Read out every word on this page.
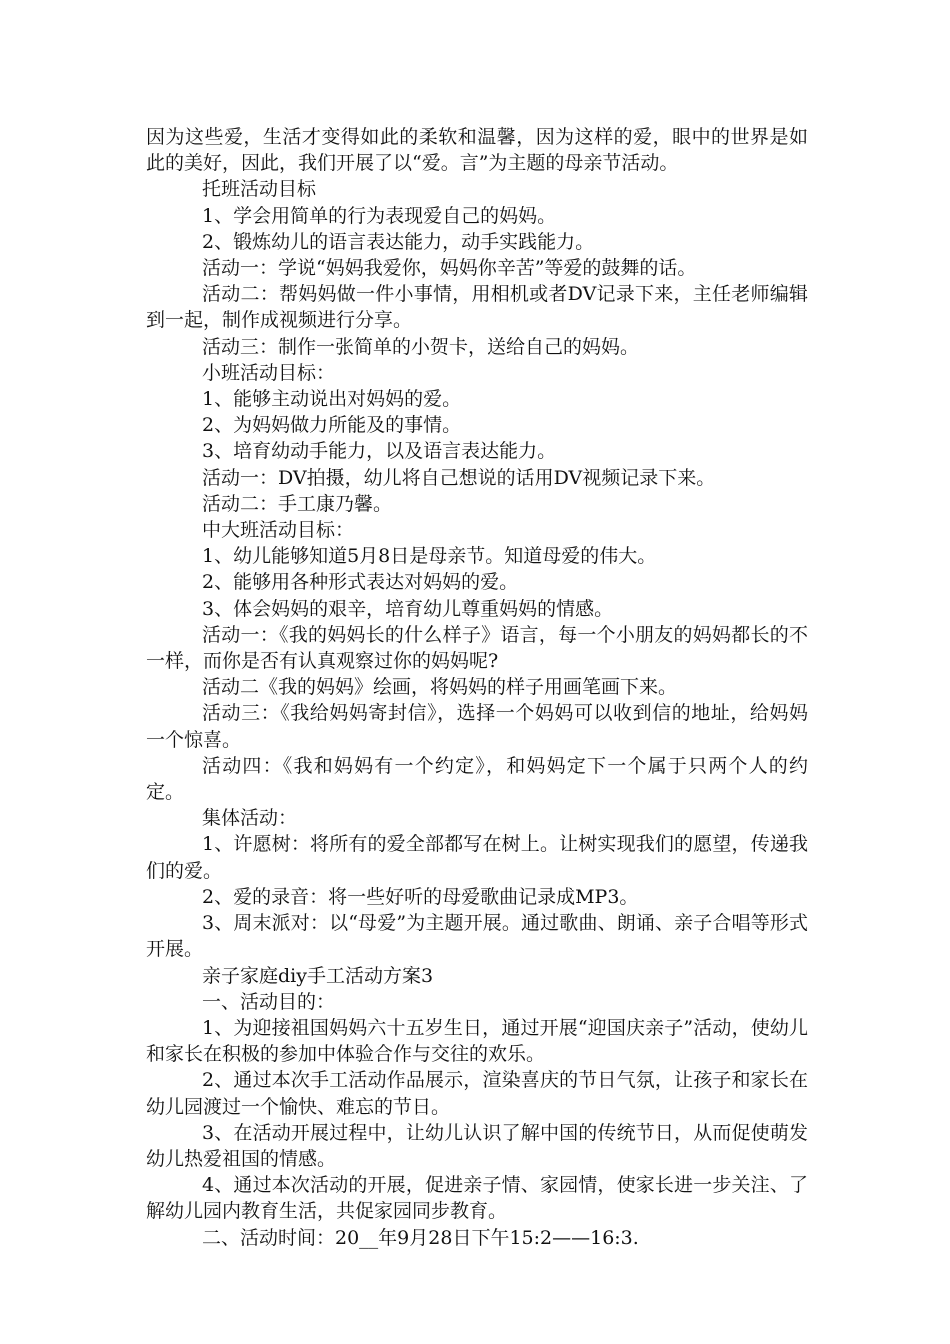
因为这些爱，生活才变得如此的柔软和温馨，因为这样的爱，眼中的世界是如此的美好，因此，我们开展了以“爱。言”为主题的母亲节活动。

托班活动目标

1、学会用简单的行为表现爱自己的妈妈。

2、锻炼幼儿的语言表达能力，动手实践能力。

活动一：学说“妈妈我爱你，妈妈你辛苦”等爱的鼓舞的话。

活动二：帮妈妈做一件小事情，用相机或者DV记录下来，主任老师编辑到一起，制作成视频进行分享。

活动三：制作一张简单的小贺卡，送给自己的妈妈。

小班活动目标：

1、能够主动说出对妈妈的爱。

2、为妈妈做力所能及的事情。

3、培育幼动手能力，以及语言表达能力。

活动一：DV拍摄，幼儿将自己想说的话用DV视频记录下来。

活动二：手工康乃馨。

中大班活动目标：

1、幼儿能够知道5月8日是母亲节。知道母爱的伟大。

2、能够用各种形式表达对妈妈的爱。

3、体会妈妈的艰辛，培育幼儿尊重妈妈的情感。

活动一：《我的妈妈长的什么样子》语言，每一个小朋友的妈妈都长的不一样，而你是否有认真观察过你的妈妈呢?

活动二《我的妈妈》绘画，将妈妈的样子用画笔画下来。

活动三：《我给妈妈寄封信》，选择一个妈妈可以收到信的地址，给妈妈一个惊喜。

活动四：《我和妈妈有一个约定》，和妈妈定下一个属于只两个人的约定。

集体活动：

1、许愿树：将所有的爱全部都写在树上。让树实现我们的愿望，传递我们的爱。

2、爱的录音：将一些好听的母爱歌曲记录成MP3。

3、周末派对：以“母爱”为主题开展。通过歌曲、朗诵、亲子合唱等形式开展。

亲子家庭diy手工活动方案3

一、活动目的：

1、为迎接祖国妈妈六十五岁生日，通过开展“迎国庆亲子”活动，使幼儿和家长在积极的参加中体验合作与交往的欢乐。

2、通过本次手工活动作品展示，渲染喜庆的节日气氛，让孩子和家长在幼儿园渡过一个愉快、难忘的节日。

3、在活动开展过程中，让幼儿认识了解中国的传统节日，从而促使萌发幼儿热爱祖国的情感。

4、通过本次活动的开展，促进亲子情、家园情，使家长进一步关注、了解幼儿园内教育生活，共促家园同步教育。

二、活动时间：20__年9月28日下午15:2——16:3.
